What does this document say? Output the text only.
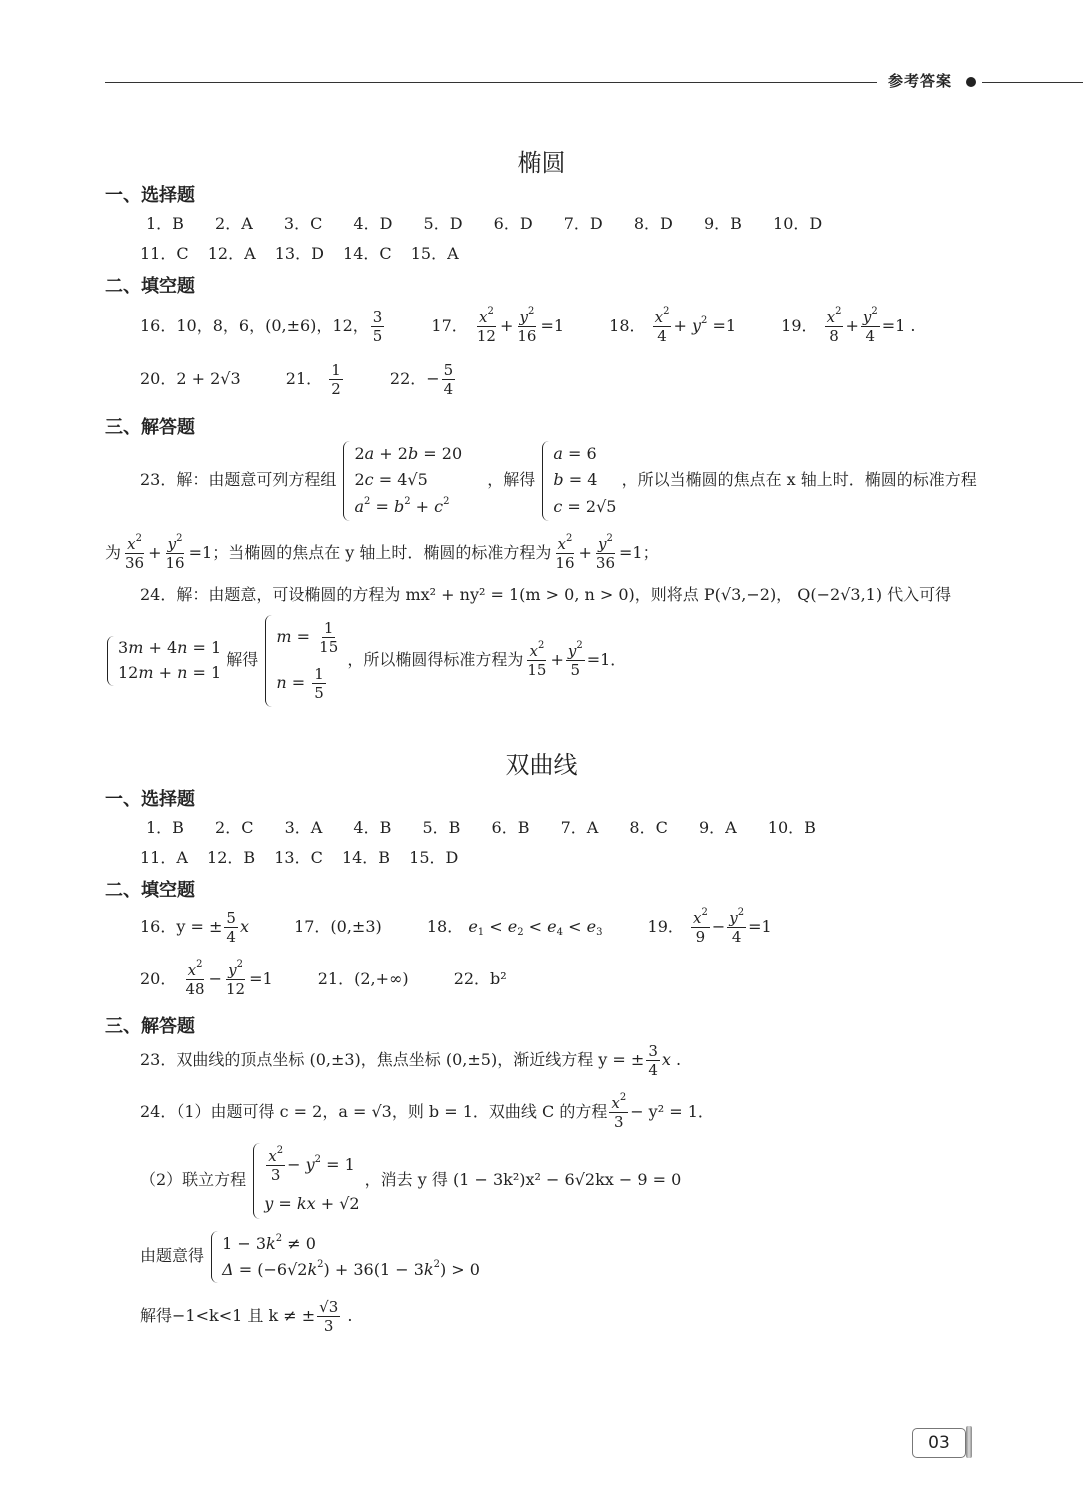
参考答案
椭圆
一、选择题
1．B 2．A 3．C 4．D 5．D 6．D 7．D 8．D 9．B 10．D
11．C 12．A 13．D 14．C 15．A
二、填空题
16．10，8，6，(0,±6)，12， $\frac{3}{5}$	17． $\frac{x^2}{12} + \frac{y^2}{16} =1$	18． $\frac{x^2}{4} + y^2 =1$	19． $\frac{x^2}{8} + \frac{y^2}{4} =1$ .
20．2 + 2√3	21． $\frac{1}{2}$	22．− $\frac{5}{4}$
三、解答题
23．解：由题意可列方程组
2a + 2b = 20
2c = 4√5
$a^2 = b^2 + c^2$
，解得
a = 6
b = 4
c = 2√5
，所以当椭圆的焦点在 x 轴上时．椭圆的标准方程
为 $\frac{x^2}{36} + \frac{y^2}{16} =1$；当椭圆的焦点在 y 轴上时．椭圆的标准方程为 $\frac{x^2}{16} + \frac{y^2}{36} =1$；
24．解：由题意，可设椭圆的方程为 mx² + ny² = 1(m > 0, n > 0)，则将点 P(√3,−2)， Q(−2√3,1) 代入可得
3m + 4n = 1
12m + n = 1
解得
$m = \frac{1}{15}$
$n = \frac{1}{5}$
，所以椭圆得标准方程为 $\frac{x^2}{15} + \frac{y^2}{5} =1$．
双曲线
一、选择题
1．B 2．C 3．A 4．B 5．B 6．B 7．A 8．C 9．A 10．B
11．A 12．B 13．C 14．B 15．D
二、填空题
16．y = ± $\frac{5}{4}$ x	17．(0,±3)	18． $e_1 < e_2 < e_4 < e_3$	19． $\frac{x^2}{9} - \frac{y^2}{4} =1$
20． $\frac{x^2}{48} - \frac{y^2}{12} =1$	21．(2,+∞)	22．b²
三、解答题
23．双曲线的顶点坐标 (0,±3)，焦点坐标 (0,±5)，渐近线方程 y = ± $\frac{3}{4}$ x .
24．（1）由题可得 c = 2，a = √3，则 b = 1．双曲线 C 的方程 $\frac{x^2}{3} - y^2 = 1$．
（2）联立方程 $\frac{x^2}{3} - y^2 = 1$
y = kx + √2
，消去 y 得 (1 − 3k²)x² − 6√2kx − 9 = 0
由题意得
$1 - 3k^2 \ne 0$
$\Delta = (-6√2k^2) + 36(1 - 3k^2) > 0$
解得−1<k<1 且 k ≠ ± $\frac{√3}{3}$ .
03
